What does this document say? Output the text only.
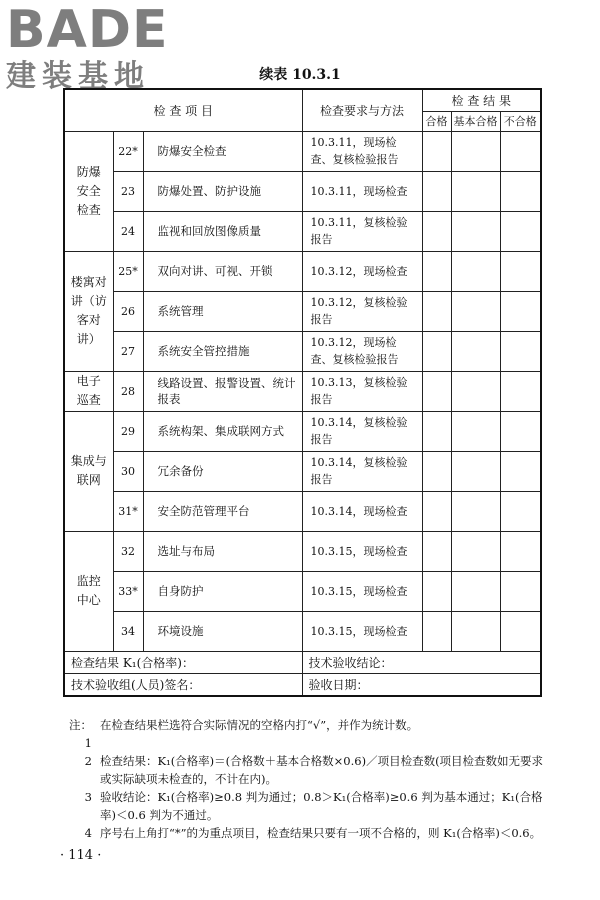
BADE
建装基地	续表 10.3.1
检 查 项 目			检查要求与方法	检 查 结 果		
				合格	基本合格	不合格

防爆
安全
检查	22*	防爆安全检查	10.3.11，现场检查、复核检验报告			
	23	防爆处置、防护设施	10.3.11，现场检查			
	24	监视和回放图像质量	10.3.11，复核检验报告			

楼寓对
讲（访
客对
讲）	25*	双向对讲、可视、开锁	10.3.12，现场检查			
	26	系统管理	10.3.12，复核检验报告			
	27	系统安全管控措施	10.3.12，现场检查、复核检验报告			

电子
巡查	28	线路设置、报警设置、统计报表	10.3.13，复核检验报告			

集成与
联网	29	系统构架、集成联网方式	10.3.14，复核检验报告			
	30	冗余备份	10.3.14，复核检验报告			
	31*	安全防范管理平台	10.3.14，现场检查			

监控
中心	32	选址与布局	10.3.15，现场检查			
	33*	自身防护	10.3.15，现场检查			
	34	环境设施	10.3.15，现场检查			
检查结果 K₁(合格率)：			技术验收结论：			
技术验收组(人员)签名：			验收日期：			
注：1
在检查结果栏选符合实际情况的空格内打“√”，并作为统计数。
2 检查结果：K₁(合格率)＝(合格数＋基本合格数×0.6)／项目检查数(项目检查数如无要求或实际缺项未检查的，不计在内)。
3 验收结论：K₁(合格率)≥0.8 判为通过；0.8＞K₁(合格率)≥0.6 判为基本通过；K₁(合格率)＜0.6 判为不通过。
4 序号右上角打“*”的为重点项目，检查结果只要有一项不合格的，则 K₁(合格率)＜0.6。
· 114 ·
